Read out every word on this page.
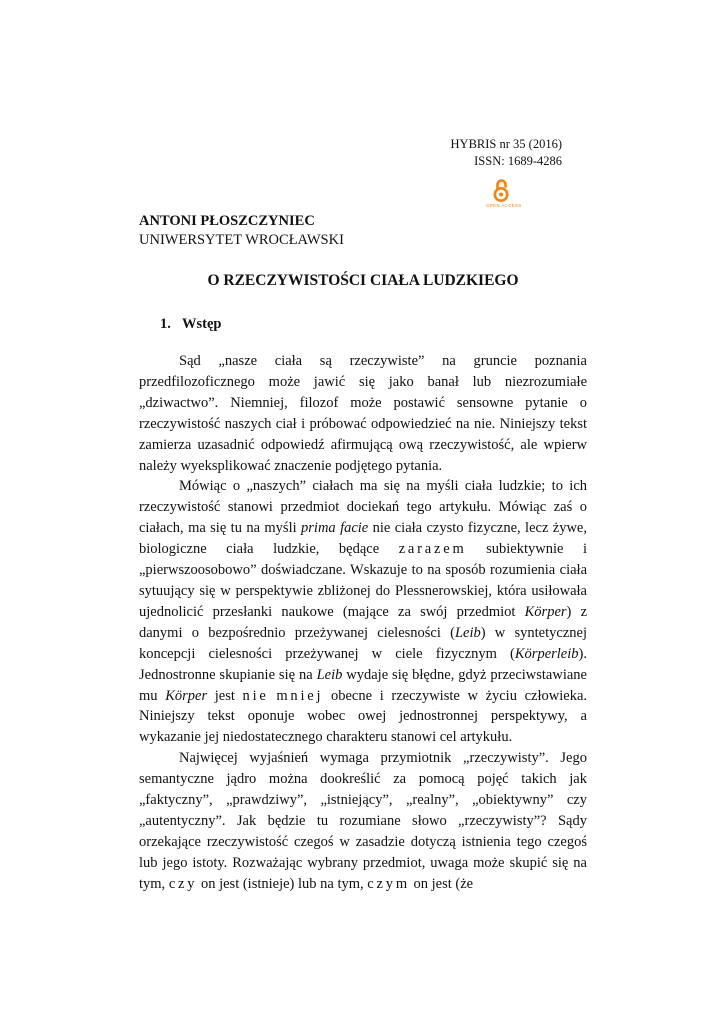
HYBRIS nr 35 (2016)
ISSN: 1689-4286
OPEN ACCESS
ANTONI PŁOSZCZYNIEC
UNIWERSYTET WROCŁAWSKI
O RZECZYWISTOŚCI CIAŁA LUDZKIEGO
1. Wstęp

Sąd „nasze ciała są rzeczywiste” na gruncie poznania przedfilozoficznego może jawić się jako banał lub niezrozumiałe „dziwactwo”. Niemniej, filozof może postawić sensowne pytanie o rzeczywistość naszych ciał i próbować odpowiedzieć na nie. Niniejszy tekst zamierza uzasadnić odpowiedź afirmującą ową rzeczywistość, ale wpierw należy wyeksplikować znaczenie podjętego pytania.

Mówiąc o „naszych” ciałach ma się na myśli ciała ludzkie; to ich rzeczywistość stanowi przedmiot dociekań tego artykułu. Mówiąc zaś o ciałach, ma się tu na myśli prima facie nie ciała czysto fizyczne, lecz żywe, biologiczne ciała ludzkie, będące zarazem subiektywnie i „pierwszoosobowo” doświadczane. Wskazuje to na sposób rozumienia ciała sytuujący się w perspektywie zbliżonej do Plessnerowskiej, która usiłowała ujednolicić przesłanki naukowe (mające za swój przedmiot Körper) z danymi o bezpośrednio przeżywanej cielesności (Leib) w syntetycznej koncepcji cielesności przeżywanej w ciele fizycznym (Körperleib). Jednostronne skupianie się na Leib wydaje się błędne, gdyż przeciwstawiane mu Körper jest nie mniej obecne i rzeczywiste w życiu człowieka. Niniejszy tekst oponuje wobec owej jednostronnej perspektywy, a wykazanie jej niedostatecznego charakteru stanowi cel artykułu.

Najwięcej wyjaśnień wymaga przymiotnik „rzeczywisty”. Jego semantyczne jądro można dookreślić za pomocą pojęć takich jak „faktyczny”, „prawdziwy”, „istniejący”, „realny”, „obiektywny” czy „autentyczny”. Jak będzie tu rozumiane słowo „rzeczywisty”? Sądy orzekające rzeczywistość czegoś w zasadzie dotyczą istnienia tego czegoś lub jego istoty. Rozważając wybrany przedmiot, uwaga może skupić się na tym, czy on jest (istnieje) lub na tym, czym on jest (że
